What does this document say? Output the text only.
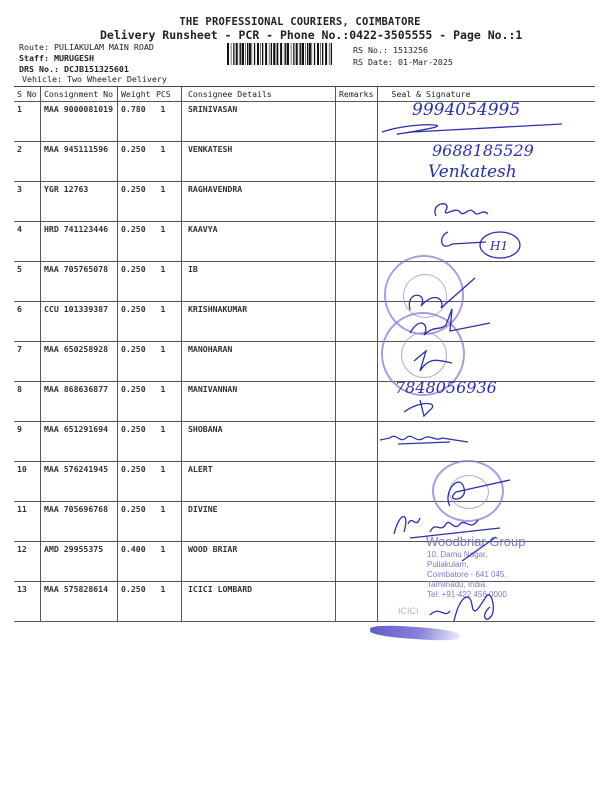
THE PROFESSIONAL COURIERS, COIMBATORE
Delivery Runsheet - PCR - Phone No.:0422-3505555 - Page No.:1
Route: PULIAKULAM MAIN ROAD
Staff: MURUGESH
DRS No.: DCJB151325601
Vehicle: Two Wheeler Delivery
RS No.: 1513256
RS Date: 01-Mar-2025
S No	Consignment No	Weight PCS	Consignee Details	Remarks	Seal & Signature
1	MAA 9000081019	0.780 1	SRINIVASAN		
2	MAA 945111596	0.250 1	VENKATESH		
3	YGR 12763	0.250 1	RAGHAVENDRA		
4	HRD 741123446	0.250 1	KAAVYA		
5	MAA 705765078	0.250 1	IB		
6	CCU 101339387	0.250 1	KRISHNAKUMAR		
7	MAA 650258928	0.250 1	MANOHARAN		
8	MAA 868636877	0.250 1	MANIVANNAN		
9	MAA 651291694	0.250 1	SHOBANA		
10	MAA 576241945	0.250 1	ALERT		
11	MAA 705696768	0.250 1	DIVINE		
12	AMD 29955375	0.400 1	WOOD BRIAR		
13	MAA 575828614	0.250 1	ICICI LOMBARD		
9994054995
9688185529
Venkatesh
H1
7848056936
Woodbriar Group
10, Damu Nagar,
Puliakulam,
Coimbatore - 641 045.
Tamilnadu, India.
Tel: +91-422 456 0000
ICICI
